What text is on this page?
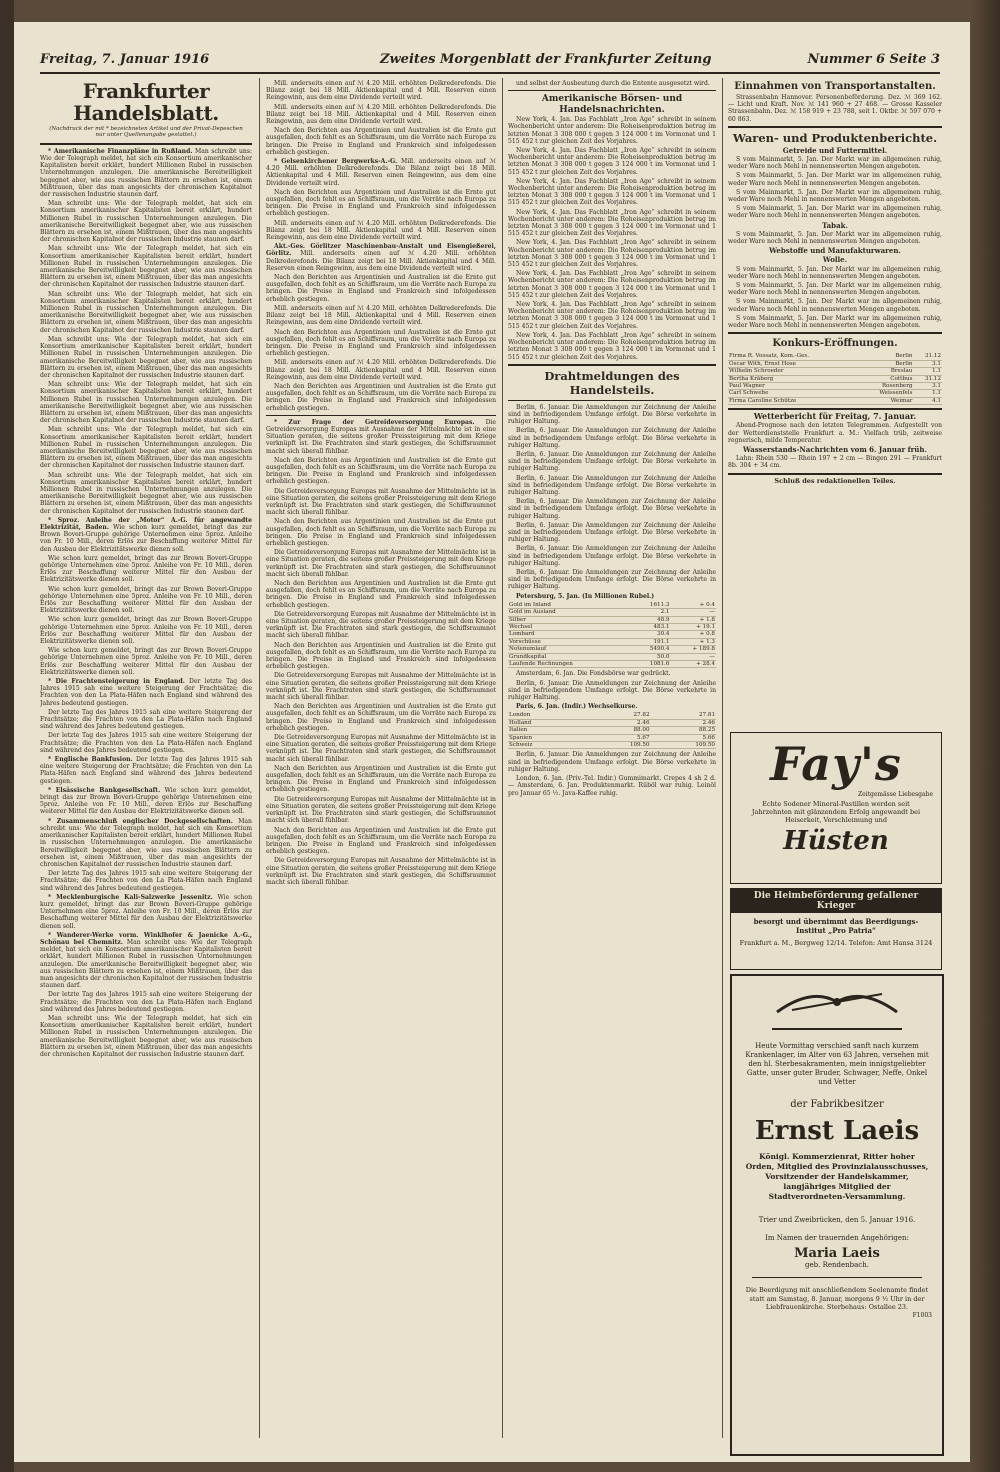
Freitag, 7. Januar 1916	Zweites Morgenblatt der Frankfurter Zeitung	Nummer 6 Seite 3
Frankfurter Handelsblatt.
(Nachdruck der mit * bezeichneten Artikel und der Privat-Depeschen nur unter Quellenangabe gestattet.)

* Amerikanische Finanzpläne in Rußland. Man schreibt uns: Wie der Telegraph meldet, hat sich ein Konsortium amerikanischer Kapitalisten bereit erklärt, hundert Millionen Rubel in russischen Unternehmungen anzulegen. Die amerikanische Bereitwilligkeit begegnet aber, wie aus russischen Blättern zu ersehen ist, einem Mißtrauen, über das man angesichts der chronischen Kapitalnot der russischen Industrie staunen darf.

Man schreibt uns: Wie der Telegraph meldet, hat sich ein Konsortium amerikanischer Kapitalisten bereit erklärt, hundert Millionen Rubel in russischen Unternehmungen anzulegen. Die amerikanische Bereitwilligkeit begegnet aber, wie aus russischen Blättern zu ersehen ist, einem Mißtrauen, über das man angesichts der chronischen Kapitalnot der russischen Industrie staunen darf.

Man schreibt uns: Wie der Telegraph meldet, hat sich ein Konsortium amerikanischer Kapitalisten bereit erklärt, hundert Millionen Rubel in russischen Unternehmungen anzulegen. Die amerikanische Bereitwilligkeit begegnet aber, wie aus russischen Blättern zu ersehen ist, einem Mißtrauen, über das man angesichts der chronischen Kapitalnot der russischen Industrie staunen darf.

Man schreibt uns: Wie der Telegraph meldet, hat sich ein Konsortium amerikanischer Kapitalisten bereit erklärt, hundert Millionen Rubel in russischen Unternehmungen anzulegen. Die amerikanische Bereitwilligkeit begegnet aber, wie aus russischen Blättern zu ersehen ist, einem Mißtrauen, über das man angesichts der chronischen Kapitalnot der russischen Industrie staunen darf.

Man schreibt uns: Wie der Telegraph meldet, hat sich ein Konsortium amerikanischer Kapitalisten bereit erklärt, hundert Millionen Rubel in russischen Unternehmungen anzulegen. Die amerikanische Bereitwilligkeit begegnet aber, wie aus russischen Blättern zu ersehen ist, einem Mißtrauen, über das man angesichts der chronischen Kapitalnot der russischen Industrie staunen darf.

Man schreibt uns: Wie der Telegraph meldet, hat sich ein Konsortium amerikanischer Kapitalisten bereit erklärt, hundert Millionen Rubel in russischen Unternehmungen anzulegen. Die amerikanische Bereitwilligkeit begegnet aber, wie aus russischen Blättern zu ersehen ist, einem Mißtrauen, über das man angesichts der chronischen Kapitalnot der russischen Industrie staunen darf.

Man schreibt uns: Wie der Telegraph meldet, hat sich ein Konsortium amerikanischer Kapitalisten bereit erklärt, hundert Millionen Rubel in russischen Unternehmungen anzulegen. Die amerikanische Bereitwilligkeit begegnet aber, wie aus russischen Blättern zu ersehen ist, einem Mißtrauen, über das man angesichts der chronischen Kapitalnot der russischen Industrie staunen darf.

Man schreibt uns: Wie der Telegraph meldet, hat sich ein Konsortium amerikanischer Kapitalisten bereit erklärt, hundert Millionen Rubel in russischen Unternehmungen anzulegen. Die amerikanische Bereitwilligkeit begegnet aber, wie aus russischen Blättern zu ersehen ist, einem Mißtrauen, über das man angesichts der chronischen Kapitalnot der russischen Industrie staunen darf.

* Sproz. Anleihe der „Motor“ A.-G. für angewandte Elektrizität, Baden. Wie schon kurz gemeldet, bringt das zur Brown Boveri-Gruppe gehörige Unternehmen eine 5proz. Anleihe von Fr. 10 Mill., deren Erlös zur Beschaffung weiterer Mittel für den Ausbau der Elektrizitätswerke dienen soll.

Wie schon kurz gemeldet, bringt das zur Brown Boveri-Gruppe gehörige Unternehmen eine 5proz. Anleihe von Fr. 10 Mill., deren Erlös zur Beschaffung weiterer Mittel für den Ausbau der Elektrizitätswerke dienen soll.

Wie schon kurz gemeldet, bringt das zur Brown Boveri-Gruppe gehörige Unternehmen eine 5proz. Anleihe von Fr. 10 Mill., deren Erlös zur Beschaffung weiterer Mittel für den Ausbau der Elektrizitätswerke dienen soll.

Wie schon kurz gemeldet, bringt das zur Brown Boveri-Gruppe gehörige Unternehmen eine 5proz. Anleihe von Fr. 10 Mill., deren Erlös zur Beschaffung weiterer Mittel für den Ausbau der Elektrizitätswerke dienen soll.

Wie schon kurz gemeldet, bringt das zur Brown Boveri-Gruppe gehörige Unternehmen eine 5proz. Anleihe von Fr. 10 Mill., deren Erlös zur Beschaffung weiterer Mittel für den Ausbau der Elektrizitätswerke dienen soll.

* Die Frachtensteigerung in England. Der letzte Tag des Jahres 1915 sah eine weitere Steigerung der Frachtsätze; die Frachten von den La Plata-Häfen nach England sind während des Jahres bedeutend gestiegen.

Der letzte Tag des Jahres 1915 sah eine weitere Steigerung der Frachtsätze; die Frachten von den La Plata-Häfen nach England sind während des Jahres bedeutend gestiegen.

Der letzte Tag des Jahres 1915 sah eine weitere Steigerung der Frachtsätze; die Frachten von den La Plata-Häfen nach England sind während des Jahres bedeutend gestiegen.

* Englische Bankfusion. Der letzte Tag des Jahres 1915 sah eine weitere Steigerung der Frachtsätze; die Frachten von den La Plata-Häfen nach England sind während des Jahres bedeutend gestiegen.

* Elsässische Bankgesellschaft. Wie schon kurz gemeldet, bringt das zur Brown Boveri-Gruppe gehörige Unternehmen eine 5proz. Anleihe von Fr. 10 Mill., deren Erlös zur Beschaffung weiterer Mittel für den Ausbau der Elektrizitätswerke dienen soll.

* Zusammenschluß englischer Dockgesellschaften. Man schreibt uns: Wie der Telegraph meldet, hat sich ein Konsortium amerikanischer Kapitalisten bereit erklärt, hundert Millionen Rubel in russischen Unternehmungen anzulegen. Die amerikanische Bereitwilligkeit begegnet aber, wie aus russischen Blättern zu ersehen ist, einem Mißtrauen, über das man angesichts der chronischen Kapitalnot der russischen Industrie staunen darf.

Der letzte Tag des Jahres 1915 sah eine weitere Steigerung der Frachtsätze; die Frachten von den La Plata-Häfen nach England sind während des Jahres bedeutend gestiegen.

* Mecklenburgische Kali-Salzwerke Jessenitz. Wie schon kurz gemeldet, bringt das zur Brown Boveri-Gruppe gehörige Unternehmen eine 5proz. Anleihe von Fr. 10 Mill., deren Erlös zur Beschaffung weiterer Mittel für den Ausbau der Elektrizitätswerke dienen soll.

* Wanderer-Werke vorm. Winklhofer & Jaenicke A.-G., Schönau bei Chemnitz. Man schreibt uns: Wie der Telegraph meldet, hat sich ein Konsortium amerikanischer Kapitalisten bereit erklärt, hundert Millionen Rubel in russischen Unternehmungen anzulegen. Die amerikanische Bereitwilligkeit begegnet aber, wie aus russischen Blättern zu ersehen ist, einem Mißtrauen, über das man angesichts der chronischen Kapitalnot der russischen Industrie staunen darf.

Der letzte Tag des Jahres 1915 sah eine weitere Steigerung der Frachtsätze; die Frachten von den La Plata-Häfen nach England sind während des Jahres bedeutend gestiegen.

Man schreibt uns: Wie der Telegraph meldet, hat sich ein Konsortium amerikanischer Kapitalisten bereit erklärt, hundert Millionen Rubel in russischen Unternehmungen anzulegen. Die amerikanische Bereitwilligkeit begegnet aber, wie aus russischen Blättern zu ersehen ist, einem Mißtrauen, über das man angesichts der chronischen Kapitalnot der russischen Industrie staunen darf.

Mill. anderseits einen auf ℳ 4.20 Mill. erhöhten Delkrederefonds. Die Bilanz zeigt bei 18 Mill. Aktienkapital und 4 Mill. Reserven einen Reingewinn, aus dem eine Dividende verteilt wird.

Mill. anderseits einen auf ℳ 4.20 Mill. erhöhten Delkrederefonds. Die Bilanz zeigt bei 18 Mill. Aktienkapital und 4 Mill. Reserven einen Reingewinn, aus dem eine Dividende verteilt wird.

Nach den Berichten aus Argentinien und Australien ist die Ernte gut ausgefallen, doch fehlt es an Schiffsraum, um die Vorräte nach Europa zu bringen. Die Preise in England und Frankreich sind infolgedessen erheblich gestiegen.

* Gelsenkirchener Bergwerks-A.-G. Mill. anderseits einen auf ℳ 4.20 Mill. erhöhten Delkrederefonds. Die Bilanz zeigt bei 18 Mill. Aktienkapital und 4 Mill. Reserven einen Reingewinn, aus dem eine Dividende verteilt wird.

Nach den Berichten aus Argentinien und Australien ist die Ernte gut ausgefallen, doch fehlt es an Schiffsraum, um die Vorräte nach Europa zu bringen. Die Preise in England und Frankreich sind infolgedessen erheblich gestiegen.

Mill. anderseits einen auf ℳ 4.20 Mill. erhöhten Delkrederefonds. Die Bilanz zeigt bei 18 Mill. Aktienkapital und 4 Mill. Reserven einen Reingewinn, aus dem eine Dividende verteilt wird.

Akt.-Ges. Görlitzer Maschinenbau-Anstalt und Eisengießerei, Görlitz. Mill. anderseits einen auf ℳ 4.20 Mill. erhöhten Delkrederefonds. Die Bilanz zeigt bei 18 Mill. Aktienkapital und 4 Mill. Reserven einen Reingewinn, aus dem eine Dividende verteilt wird.

Nach den Berichten aus Argentinien und Australien ist die Ernte gut ausgefallen, doch fehlt es an Schiffsraum, um die Vorräte nach Europa zu bringen. Die Preise in England und Frankreich sind infolgedessen erheblich gestiegen.

Mill. anderseits einen auf ℳ 4.20 Mill. erhöhten Delkrederefonds. Die Bilanz zeigt bei 18 Mill. Aktienkapital und 4 Mill. Reserven einen Reingewinn, aus dem eine Dividende verteilt wird.

Nach den Berichten aus Argentinien und Australien ist die Ernte gut ausgefallen, doch fehlt es an Schiffsraum, um die Vorräte nach Europa zu bringen. Die Preise in England und Frankreich sind infolgedessen erheblich gestiegen.

Mill. anderseits einen auf ℳ 4.20 Mill. erhöhten Delkrederefonds. Die Bilanz zeigt bei 18 Mill. Aktienkapital und 4 Mill. Reserven einen Reingewinn, aus dem eine Dividende verteilt wird.

Nach den Berichten aus Argentinien und Australien ist die Ernte gut ausgefallen, doch fehlt es an Schiffsraum, um die Vorräte nach Europa zu bringen. Die Preise in England und Frankreich sind infolgedessen erheblich gestiegen.

* Zur Frage der Getreideversorgung Europas. Die Getreideversorgung Europas mit Ausnahme der Mittelmächte ist in eine Situation geraten, die seitens großer Preissteigerung mit dem Kriege verknüpft ist. Die Frachtraten sind stark gestiegen, die Schiffsraumnot macht sich überall fühlbar.

Nach den Berichten aus Argentinien und Australien ist die Ernte gut ausgefallen, doch fehlt es an Schiffsraum, um die Vorräte nach Europa zu bringen. Die Preise in England und Frankreich sind infolgedessen erheblich gestiegen.

Die Getreideversorgung Europas mit Ausnahme der Mittelmächte ist in eine Situation geraten, die seitens großer Preissteigerung mit dem Kriege verknüpft ist. Die Frachtraten sind stark gestiegen, die Schiffsraumnot macht sich überall fühlbar.

Nach den Berichten aus Argentinien und Australien ist die Ernte gut ausgefallen, doch fehlt es an Schiffsraum, um die Vorräte nach Europa zu bringen. Die Preise in England und Frankreich sind infolgedessen erheblich gestiegen.

Die Getreideversorgung Europas mit Ausnahme der Mittelmächte ist in eine Situation geraten, die seitens großer Preissteigerung mit dem Kriege verknüpft ist. Die Frachtraten sind stark gestiegen, die Schiffsraumnot macht sich überall fühlbar.

Nach den Berichten aus Argentinien und Australien ist die Ernte gut ausgefallen, doch fehlt es an Schiffsraum, um die Vorräte nach Europa zu bringen. Die Preise in England und Frankreich sind infolgedessen erheblich gestiegen.

Die Getreideversorgung Europas mit Ausnahme der Mittelmächte ist in eine Situation geraten, die seitens großer Preissteigerung mit dem Kriege verknüpft ist. Die Frachtraten sind stark gestiegen, die Schiffsraumnot macht sich überall fühlbar.

Nach den Berichten aus Argentinien und Australien ist die Ernte gut ausgefallen, doch fehlt es an Schiffsraum, um die Vorräte nach Europa zu bringen. Die Preise in England und Frankreich sind infolgedessen erheblich gestiegen.

Die Getreideversorgung Europas mit Ausnahme der Mittelmächte ist in eine Situation geraten, die seitens großer Preissteigerung mit dem Kriege verknüpft ist. Die Frachtraten sind stark gestiegen, die Schiffsraumnot macht sich überall fühlbar.

Nach den Berichten aus Argentinien und Australien ist die Ernte gut ausgefallen, doch fehlt es an Schiffsraum, um die Vorräte nach Europa zu bringen. Die Preise in England und Frankreich sind infolgedessen erheblich gestiegen.

Die Getreideversorgung Europas mit Ausnahme der Mittelmächte ist in eine Situation geraten, die seitens großer Preissteigerung mit dem Kriege verknüpft ist. Die Frachtraten sind stark gestiegen, die Schiffsraumnot macht sich überall fühlbar.

Nach den Berichten aus Argentinien und Australien ist die Ernte gut ausgefallen, doch fehlt es an Schiffsraum, um die Vorräte nach Europa zu bringen. Die Preise in England und Frankreich sind infolgedessen erheblich gestiegen.

Die Getreideversorgung Europas mit Ausnahme der Mittelmächte ist in eine Situation geraten, die seitens großer Preissteigerung mit dem Kriege verknüpft ist. Die Frachtraten sind stark gestiegen, die Schiffsraumnot macht sich überall fühlbar.

Nach den Berichten aus Argentinien und Australien ist die Ernte gut ausgefallen, doch fehlt es an Schiffsraum, um die Vorräte nach Europa zu bringen. Die Preise in England und Frankreich sind infolgedessen erheblich gestiegen.

Die Getreideversorgung Europas mit Ausnahme der Mittelmächte ist in eine Situation geraten, die seitens großer Preissteigerung mit dem Kriege verknüpft ist. Die Frachtraten sind stark gestiegen, die Schiffsraumnot macht sich überall fühlbar.

und selbst der Ausbeutung durch die Entente ausgesetzt wird.

Amerikanische Börsen- und Handelsnachrichten.

New York, 4. Jan. Das Fachblatt „Iron Age“ schreibt in seinem Wochenbericht unter anderem: Die Roheisenproduktion betrug im letzten Monat 3 308 000 t gegen 3 124 000 t im Vormonat und 1 515 452 t zur gleichen Zeit des Vorjahres.

New York, 4. Jan. Das Fachblatt „Iron Age“ schreibt in seinem Wochenbericht unter anderem: Die Roheisenproduktion betrug im letzten Monat 3 308 000 t gegen 3 124 000 t im Vormonat und 1 515 452 t zur gleichen Zeit des Vorjahres.

New York, 4. Jan. Das Fachblatt „Iron Age“ schreibt in seinem Wochenbericht unter anderem: Die Roheisenproduktion betrug im letzten Monat 3 308 000 t gegen 3 124 000 t im Vormonat und 1 515 452 t zur gleichen Zeit des Vorjahres.

New York, 4. Jan. Das Fachblatt „Iron Age“ schreibt in seinem Wochenbericht unter anderem: Die Roheisenproduktion betrug im letzten Monat 3 308 000 t gegen 3 124 000 t im Vormonat und 1 515 452 t zur gleichen Zeit des Vorjahres.

New York, 4. Jan. Das Fachblatt „Iron Age“ schreibt in seinem Wochenbericht unter anderem: Die Roheisenproduktion betrug im letzten Monat 3 308 000 t gegen 3 124 000 t im Vormonat und 1 515 452 t zur gleichen Zeit des Vorjahres.

New York, 4. Jan. Das Fachblatt „Iron Age“ schreibt in seinem Wochenbericht unter anderem: Die Roheisenproduktion betrug im letzten Monat 3 308 000 t gegen 3 124 000 t im Vormonat und 1 515 452 t zur gleichen Zeit des Vorjahres.

New York, 4. Jan. Das Fachblatt „Iron Age“ schreibt in seinem Wochenbericht unter anderem: Die Roheisenproduktion betrug im letzten Monat 3 308 000 t gegen 3 124 000 t im Vormonat und 1 515 452 t zur gleichen Zeit des Vorjahres.

New York, 4. Jan. Das Fachblatt „Iron Age“ schreibt in seinem Wochenbericht unter anderem: Die Roheisenproduktion betrug im letzten Monat 3 308 000 t gegen 3 124 000 t im Vormonat und 1 515 452 t zur gleichen Zeit des Vorjahres.

Drahtmeldungen des Handelsteils.

Berlin, 6. Januar. Die Anmeldungen zur Zeichnung der Anleihe sind in befriedigendem Umfange erfolgt. Die Börse verkehrte in ruhiger Haltung.

Berlin, 6. Januar. Die Anmeldungen zur Zeichnung der Anleihe sind in befriedigendem Umfange erfolgt. Die Börse verkehrte in ruhiger Haltung.

Berlin, 6. Januar. Die Anmeldungen zur Zeichnung der Anleihe sind in befriedigendem Umfange erfolgt. Die Börse verkehrte in ruhiger Haltung.

Berlin, 6. Januar. Die Anmeldungen zur Zeichnung der Anleihe sind in befriedigendem Umfange erfolgt. Die Börse verkehrte in ruhiger Haltung.

Berlin, 6. Januar. Die Anmeldungen zur Zeichnung der Anleihe sind in befriedigendem Umfange erfolgt. Die Börse verkehrte in ruhiger Haltung.

Berlin, 6. Januar. Die Anmeldungen zur Zeichnung der Anleihe sind in befriedigendem Umfange erfolgt. Die Börse verkehrte in ruhiger Haltung.

Berlin, 6. Januar. Die Anmeldungen zur Zeichnung der Anleihe sind in befriedigendem Umfange erfolgt. Die Börse verkehrte in ruhiger Haltung.

Berlin, 6. Januar. Die Anmeldungen zur Zeichnung der Anleihe sind in befriedigendem Umfange erfolgt. Die Börse verkehrte in ruhiger Haltung.

Petersburg, 5. Jan. (In Millionen Rubel.)

Gold im Inland	1611.3	+ 0.4
Gold im Ausland	2.1	—
Silber	48.9	+ 1.8
Wechsel	483.1	+ 19.1
Lombard	30.4	+ 0.8
Vorschüsse	191.1	+ 1.3
Notenumlauf	5490.4	+ 189.8
Grundkapital	50.0	—
Laufende Rechnungen	1081.6	+ 28.4

Amsterdam, 6. Jan. Die Fondsbörse war gedrückt.

Berlin, 6. Januar. Die Anmeldungen zur Zeichnung der Anleihe sind in befriedigendem Umfange erfolgt. Die Börse verkehrte in ruhiger Haltung.

Paris, 6. Jan. (Indir.) Wechselkurse.

London	27.82	27.81
Holland	2.46	2.46
Italien	88.00	88.25
Spanien	5.67	5.66
Schweiz	109.50	109.50

Berlin, 6. Januar. Die Anmeldungen zur Zeichnung der Anleihe sind in befriedigendem Umfange erfolgt. Die Börse verkehrte in ruhiger Haltung.

London, 6. Jan. (Priv.-Tel. Indir.) Gummimarkt. Crepes 4 sh 2 d. — Amsterdam, 6. Jan. Produktenmarkt. Rüböl war ruhig. Leinöl pro Januar 65 ½. Java-Kaffee ruhig.

Einnahmen von Transportanstalten.

Strassenbahn Hannover. Personenbeförderung. Dez. ℳ 369 162. — Licht und Kraft. Nov. ℳ 141 960 + 27 468. — Grosse Kasseler Strassenbahn. Dez. ℳ 158 919 + 23 788, seit 1. Oktbr. ℳ 597 070 + 60 863.

Waren- und Produktenberichte.
Getreide und Futtermittel.

S vom Mainmarkt, 5. Jan. Der Markt war im allgemeinen ruhig, weder Ware noch Mehl in nennenswerten Mengen angeboten.

S vom Mainmarkt, 5. Jan. Der Markt war im allgemeinen ruhig, weder Ware noch Mehl in nennenswerten Mengen angeboten.

S vom Mainmarkt, 5. Jan. Der Markt war im allgemeinen ruhig, weder Ware noch Mehl in nennenswerten Mengen angeboten.

S vom Mainmarkt, 5. Jan. Der Markt war im allgemeinen ruhig, weder Ware noch Mehl in nennenswerten Mengen angeboten.

Tabak.

S vom Mainmarkt, 5. Jan. Der Markt war im allgemeinen ruhig, weder Ware noch Mehl in nennenswerten Mengen angeboten.

Webstoffe und Manufakturwaren.
Wolle.

S vom Mainmarkt, 5. Jan. Der Markt war im allgemeinen ruhig, weder Ware noch Mehl in nennenswerten Mengen angeboten.

S vom Mainmarkt, 5. Jan. Der Markt war im allgemeinen ruhig, weder Ware noch Mehl in nennenswerten Mengen angeboten.

S vom Mainmarkt, 5. Jan. Der Markt war im allgemeinen ruhig, weder Ware noch Mehl in nennenswerten Mengen angeboten.

S vom Mainmarkt, 5. Jan. Der Markt war im allgemeinen ruhig, weder Ware noch Mehl in nennenswerten Mengen angeboten.

Konkurs-Eröffnungen.
Firma R. Vossatz, Kom.-Ges.	Berlin	31.12
Oscar With, Ernst Hose	Berlin	3.1
Wilhelm Schroeder	Breslau	1.1
Bertha Kräberg	Cottbus	31.12
Paul Wagner	Rosenberg	3.1
Carl Schwebe	Weissenfels	1.1
Firma Caroline Schütze	Weimar	4.1
Wetterbericht für Freitag, 7. Januar.

Abend-Prognose nach den letzten Telegrammen. Aufgestellt von der Wetterdienststelle Frankfurt a. M.: Vielfach trüb, zeitweise regnerisch, milde Temperatur.

Wasserstands-Nachrichten vom 6. Januar früh.

Lahn: Rhein 530 — Rhein 197 + 2 cm — Bingen 291 — Frankfurt 8b. 304 + 34 cm.

Schluß des redaktionellen Teiles.
Fay's
Zeitgemässe Liebesgabe
Echte Sodener Mineral-Pastillen werden seit Jahrzehnten mit glänzendem Erfolg angewandt bei Heiserkeit, Verschleimung und
Hüsten
Die Heimbeförderung gefallener Krieger
besorgt und übernimmt das Beerdigungs-Institut „Pro Patria“
Frankfurt a. M., Bergweg 12/14. Telefon: Amt Hansa 3124
Heute Vormittag verschied sanft nach kurzem Krankenlager, im Alter von 63 Jahren, versehen mit den hl. Sterbesakramenten, mein innigstgeliebter Gatte, unser guter Bruder, Schwager, Neffe, Onkel und Vetter
der Fabrikbesitzer
Ernst Laeis
Königl. Kommerzienrat, Ritter hoher Orden, Mitglied des Provinzialausschusses, Vorsitzender der Handelskammer, langjähriges Mitglied der Stadtverordneten-Versammlung.
Trier und Zweibrücken, den 5. Januar 1916.
Im Namen der trauernden Angehörigen:
Maria Laeis
geb. Rendenbach.
Die Beerdigung mit anschließendem Seelenamte findet statt am Samstag, 8. Januar, morgens 9 ½ Uhr in der Liebfrauenkirche. Sterbehaus: Ostallee 23.
F1003
